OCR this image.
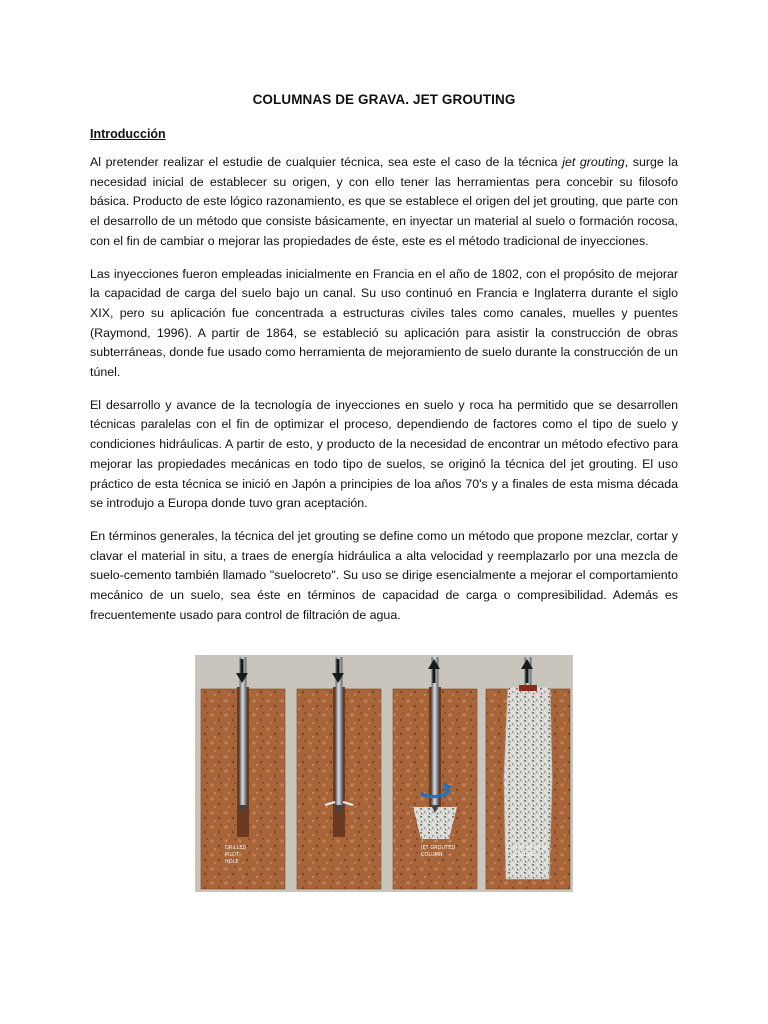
COLUMNAS DE GRAVA. JET GROUTING
Introducción

Al pretender realizar el estudie de cualquier técnica, sea este el caso de la técnica jet grouting, surge la necesidad inicial de establecer su origen, y con ello tener las herramientas pera concebir su filosofo básica. Producto de este lógico razonamiento, es que se establece el origen del jet grouting, que parte con el desarrollo de un método que consiste básicamente, en inyectar un material al suelo o formación rocosa, con el fin de cambiar o mejorar las propiedades de éste, este es el método tradicional de inyecciones.

Las inyecciones fueron empleadas inicialmente en Francia en el año de 1802, con el propósito de mejorar la capacidad de carga del suelo bajo un canal. Su uso continuó en Francia e Inglaterra durante el siglo XIX, pero su aplicación fue concentrada a estructuras civiles tales como canales, muelles y puentes (Raymond, 1996). A partir de 1864, se estableció su aplicación para asistir la construcción de obras subterráneas, donde fue usado como herramienta de mejoramiento de suelo durante la construcción de un túnel.

El desarrollo y avance de la tecnología de inyecciones en suelo y roca ha permitido que se desarrollen técnicas paralelas con el fin de optimizar el proceso, dependiendo de factores como el tipo de suelo y condiciones hidráulicas. A partir de esto, y producto de la necesidad de encontrar un método efectivo para mejorar las propiedades mecánicas en todo tipo de suelos, se originó la técnica del jet grouting. El uso práctico de esta técnica se inició en Japón a principies de loa años 70's y a finales de esta misma década se introdujo a Europa donde tuvo gran aceptación.

En términos generales, la técnica del jet grouting se define como un método que propone mezclar, cortar y clavar el material in situ, a traes de energía hidráulica a alta velocidad y reemplazarlo por una mezcla de suelo-cemento también llamado "suelocreto". Su uso se dirige esencialmente a mejorar el comportamiento mecánico de un suelo, sea éste en términos de capacidad de carga o compresibilidad. Además es frecuentemente usado para control de filtración de agua.

DRILLED
PILOT
HOLE
JET GROUTED
COLUMN
JET GROUTED
COLUMN
